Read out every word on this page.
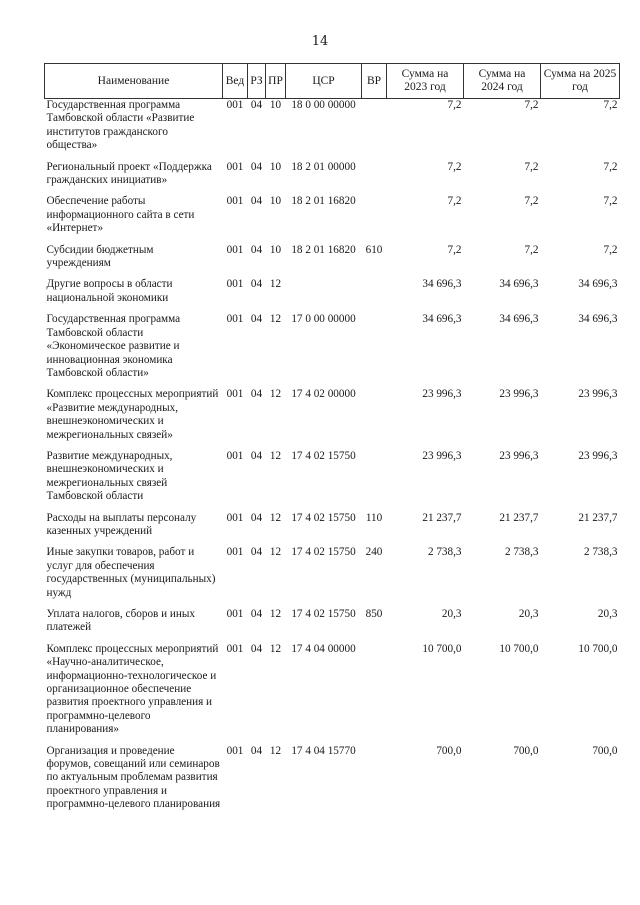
14
Наименование	Вед	РЗ	ПР	ЦСР	ВР	Сумма на 2023 год	Сумма на 2024 год	Сумма на 2025 год
Государственная программа Тамбовской области «Развитие институтов гражданского общества»	001	04	10	18 0 00 00000		7,2	7,2	7,2
Региональный проект «Поддержка гражданских инициатив»	001	04	10	18 2 01 00000		7,2	7,2	7,2
Обеспечение работы информационного сайта в сети «Интернет»	001	04	10	18 2 01 16820		7,2	7,2	7,2
Субсидии бюджетным учреждениям	001	04	10	18 2 01 16820	610	7,2	7,2	7,2
Другие вопросы в области национальной экономики	001	04	12			34 696,3	34 696,3	34 696,3
Государственная программа Тамбовской области «Экономическое развитие и инновационная экономика Тамбовской области»	001	04	12	17 0 00 00000		34 696,3	34 696,3	34 696,3
Комплекс процессных мероприятий «Развитие международных, внешнеэкономических и межрегиональных связей»	001	04	12	17 4 02 00000		23 996,3	23 996,3	23 996,3
Развитие международных, внешнеэкономических и межрегиональных связей Тамбовской области	001	04	12	17 4 02 15750		23 996,3	23 996,3	23 996,3
Расходы на выплаты персоналу казенных учреждений	001	04	12	17 4 02 15750	110	21 237,7	21 237,7	21 237,7
Иные закупки товаров, работ и услуг для обеспечения государственных (муниципальных) нужд	001	04	12	17 4 02 15750	240	2 738,3	2 738,3	2 738,3
Уплата налогов, сборов и иных платежей	001	04	12	17 4 02 15750	850	20,3	20,3	20,3
Комплекс процессных мероприятий «Научно-аналитическое, информационно-технологическое и организационное обеспечение развития проектного управления и программно-целевого планирования»	001	04	12	17 4 04 00000		10 700,0	10 700,0	10 700,0
Организация и проведение форумов, совещаний или семинаров по актуальным проблемам развития проектного управления и программно-целевого планирования	001	04	12	17 4 04 15770		700,0	700,0	700,0
